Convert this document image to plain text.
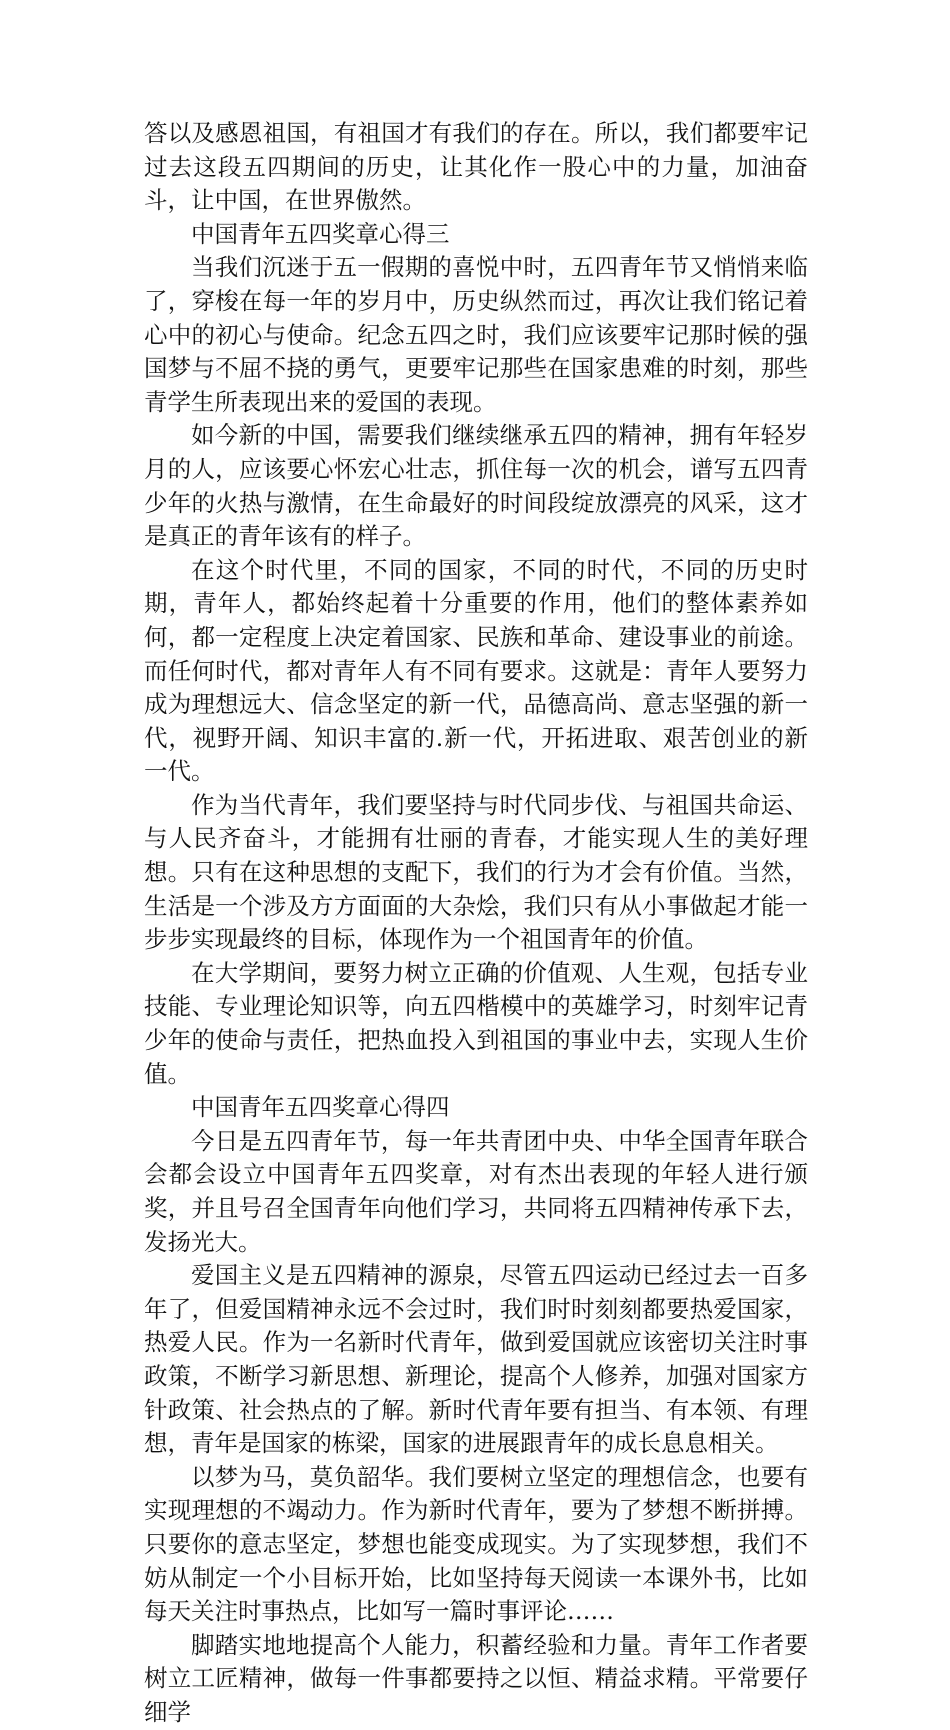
答以及感恩祖国，有祖国才有我们的存在。所以，我们都要牢记过去这段五四期间的历史，让其化作一股心中的力量，加油奋斗，让中国，在世界傲然。

中国青年五四奖章心得三

当我们沉迷于五一假期的喜悦中时，五四青年节又悄悄来临了，穿梭在每一年的岁月中，历史纵然而过，再次让我们铭记着心中的初心与使命。纪念五四之时，我们应该要牢记那时候的强国梦与不屈不挠的勇气，更要牢记那些在国家患难的时刻，那些青学生所表现出来的爱国的表现。

如今新的中国，需要我们继续继承五四的精神，拥有年轻岁月的人，应该要心怀宏心壮志，抓住每一次的机会，谱写五四青少年的火热与激情，在生命最好的时间段绽放漂亮的风采，这才是真正的青年该有的样子。

在这个时代里，不同的国家，不同的时代，不同的历史时期，青年人，都始终起着十分重要的作用，他们的整体素养如何，都一定程度上决定着国家、民族和革命、建设事业的前途。而任何时代，都对青年人有不同有要求。这就是：青年人要努力成为理想远大、信念坚定的新一代，品德高尚、意志坚强的新一代，视野开阔、知识丰富的.新一代，开拓进取、艰苦创业的新一代。

作为当代青年，我们要坚持与时代同步伐、与祖国共命运、与人民齐奋斗，才能拥有壮丽的青春，才能实现人生的美好理想。只有在这种思想的支配下，我们的行为才会有价值。当然，生活是一个涉及方方面面的大杂烩，我们只有从小事做起才能一步步实现最终的目标，体现作为一个祖国青年的价值。

在大学期间，要努力树立正确的价值观、人生观，包括专业技能、专业理论知识等，向五四楷模中的英雄学习，时刻牢记青少年的使命与责任，把热血投入到祖国的事业中去，实现人生价值。

中国青年五四奖章心得四

今日是五四青年节，每一年共青团中央、中华全国青年联合会都会设立中国青年五四奖章，对有杰出表现的年轻人进行颁奖，并且号召全国青年向他们学习，共同将五四精神传承下去，发扬光大。

爱国主义是五四精神的源泉，尽管五四运动已经过去一百多年了，但爱国精神永远不会过时，我们时时刻刻都要热爱国家，热爱人民。作为一名新时代青年，做到爱国就应该密切关注时事政策，不断学习新思想、新理论，提高个人修养，加强对国家方针政策、社会热点的了解。新时代青年要有担当、有本领、有理想，青年是国家的栋梁，国家的进展跟青年的成长息息相关。

以梦为马，莫负韶华。我们要树立坚定的理想信念，也要有实现理想的不竭动力。作为新时代青年，要为了梦想不断拼搏。只要你的意志坚定，梦想也能变成现实。为了实现梦想，我们不妨从制定一个小目标开始，比如坚持每天阅读一本课外书，比如每天关注时事热点，比如写一篇时事评论……

脚踏实地地提高个人能力，积蓄经验和力量。青年工作者要树立工匠精神，做每一件事都要持之以恒、精益求精。平常要仔细学
